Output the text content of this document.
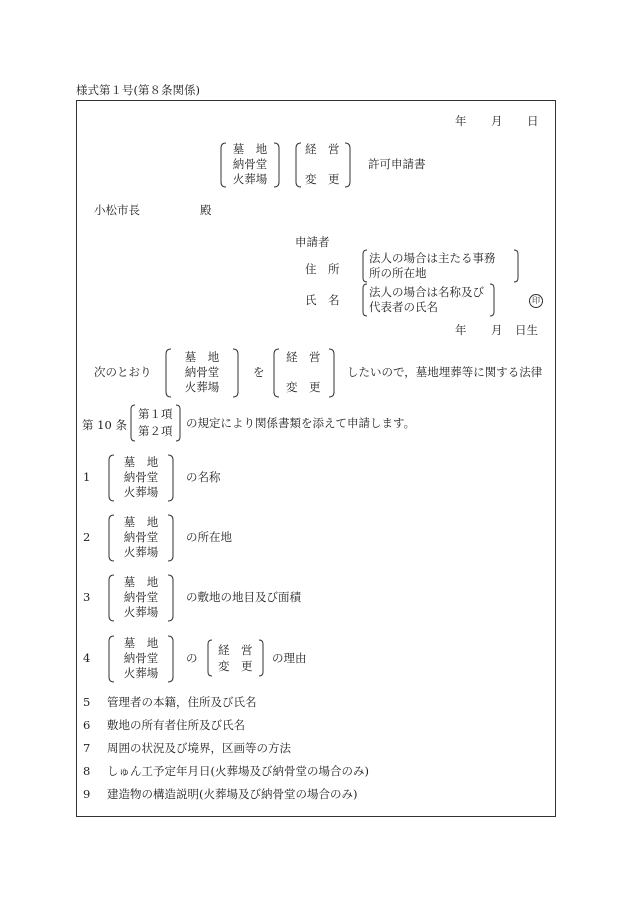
様式第１号(第８条関係)
年 月 日
墓　地
納骨堂
火葬場
経　営
変　更
許可申請書
小松市長	殿
申請者
住　所
法人の場合は主たる事務
所の所在地
氏　名
法人の場合は名称及び
代表者の氏名	印
年 月 日生
次のとおり
墓　地
納骨堂
火葬場
を
経　営
変　更
したいので，墓地埋葬等に関する法律
第 10 条
第１項
第２項
の規定により関係書類を添えて申請します。
1
墓　地
納骨堂
火葬場
の名称
2
墓　地
納骨堂
火葬場
の所在地
3
墓　地
納骨堂
火葬場
の敷地の地目及び面積
4
墓　地
納骨堂
火葬場
の
経　営
変　更
の理由
5 管理者の本籍，住所及び氏名
6 敷地の所有者住所及び氏名
7 周囲の状況及び境界，区画等の方法
8 しゅん工予定年月日(火葬場及び納骨堂の場合のみ)
9 建造物の構造説明(火葬場及び納骨堂の場合のみ)
